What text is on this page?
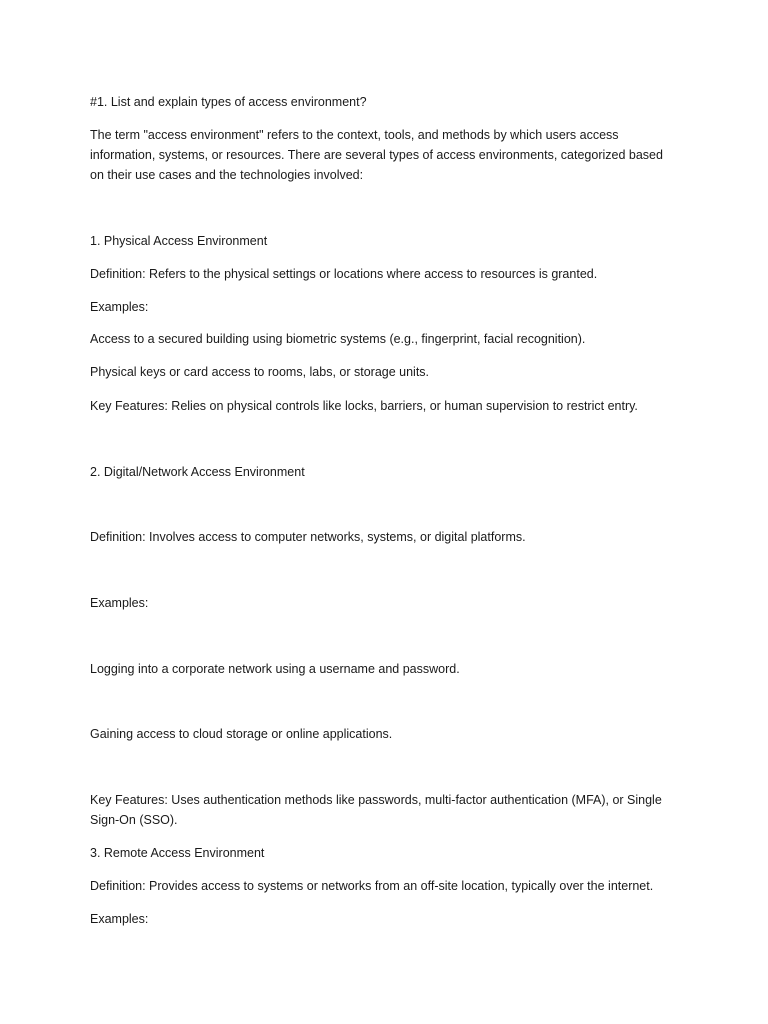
#1. List and explain types of access environment?

The term "access environment" refers to the context, tools, and methods by which users access information, systems, or resources. There are several types of access environments, categorized based on their use cases and the technologies involved:

1. Physical Access Environment

Definition: Refers to the physical settings or locations where access to resources is granted.

Examples:

Access to a secured building using biometric systems (e.g., fingerprint, facial recognition).

Physical keys or card access to rooms, labs, or storage units.

Key Features: Relies on physical controls like locks, barriers, or human supervision to restrict entry.

2. Digital/Network Access Environment

Definition: Involves access to computer networks, systems, or digital platforms.

Examples:

Logging into a corporate network using a username and password.

Gaining access to cloud storage or online applications.

Key Features: Uses authentication methods like passwords, multi-factor authentication (MFA), or Single Sign-On (SSO).

3. Remote Access Environment

Definition: Provides access to systems or networks from an off-site location, typically over the internet.

Examples:
